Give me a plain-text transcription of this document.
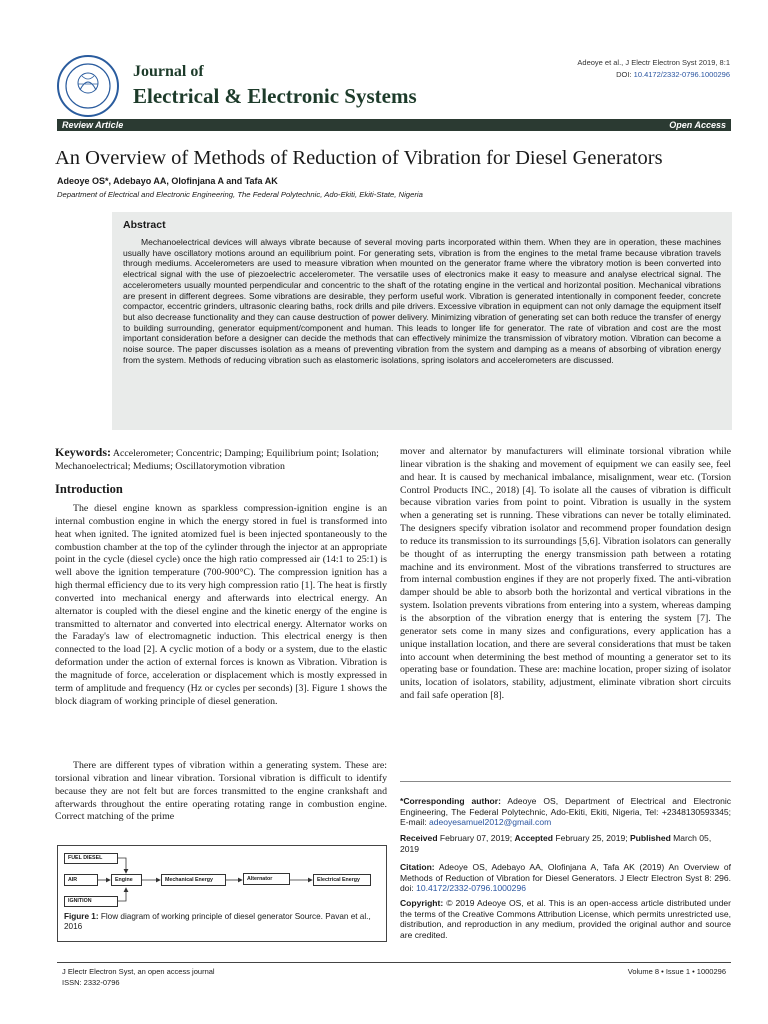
Journal of
Electrical & Electronic Systems
Adeoye et al., J Electr Electron Syst 2019, 8:1
DOI: 10.4172/2332-0796.1000296
Review Article	Open Access
An Overview of Methods of Reduction of Vibration for Diesel Generators
Adeoye OS*, Adebayo AA, Olofinjana A and Tafa AK
Department of Electrical and Electronic Engineering, The Federal Polytechnic, Ado-Ekiti, Ekiti-State, Nigeria
Abstract
Mechanoelectrical devices will always vibrate because of several moving parts incorporated within them. When they are in operation, these machines usually have oscillatory motions around an equilibrium point. For generating sets, vibration is from the engines to the metal frame because vibration travels through mediums. Accelerometers are used to measure vibration when mounted on the generator frame where the vibratory motion is been converted into electrical signal with the use of piezoelectric accelerometer. The versatile uses of electronics make it easy to measure and analyse electrical signal. The accelerometers usually mounted perpendicular and concentric to the shaft of the rotating engine in the vertical and horizontal position. Mechanical vibrations are present in different degrees. Some vibrations are desirable, they perform useful work. Vibration is generated intentionally in component feeder, concrete compactor, eccentric grinders, ultrasonic clearing baths, rock drills and pile drivers. Excessive vibration in equipment can not only damage the equipment itself but also decrease functionality and they can cause destruction of power delivery. Minimizing vibration of generating set can both reduce the transfer of energy to building surrounding, generator equipment/component and human. This leads to longer life for generator. The rate of vibration and cost are the most important consideration before a designer can decide the methods that can effectively minimize the transmission of vibratory motion. Vibration can become a noise source. The paper discusses isolation as a means of preventing vibration from the system and damping as a means of absorbing of vibration energy from the system. Methods of reducing vibration such as elastomeric isolations, spring isolators and accelerometers are discussed.
Keywords: Accelerometer; Concentric; Damping; Equilibrium point; Isolation; Mechanoelectrical; Mediums; Oscillatorymotion vibration
Introduction

The diesel engine known as sparkless compression-ignition engine is an internal combustion engine in which the energy stored in fuel is transformed into heat when ignited. The ignited atomized fuel is been injected spontaneously to the combustion chamber at the top of the cylinder through the injector at an appropriate point in the cycle (diesel cycle) once the high ratio compressed air (14:1 to 25:1) is well above the ignition temperature (700-900°C). The compression ignition has a high thermal efficiency due to its very high compression ratio [1]. The heat is firstly converted into mechanical energy and afterwards into electrical energy. An alternator is coupled with the diesel engine and the kinetic energy of the engine is transmitted to alternator and converted into electrical energy. Alternator works on the Faraday's law of electromagnetic induction. This electrical energy is then connected to the load [2]. A cyclic motion of a body or a system, due to the elastic deformation under the action of external forces is known as Vibration. Vibration is the magnitude of force, acceleration or displacement which is mostly expressed in term of amplitude and frequency (Hz or cycles per seconds) [3]. Figure 1 shows the block diagram of working principle of diesel generation.

There are different types of vibration within a generating system. These are: torsional vibration and linear vibration. Torsional vibration is difficult to identify because they are not felt but are forces transmitted to the engine crankshaft and afterwards throughout the entire operating rotating range in combustion engine. Correct matching of the prime

mover and alternator by manufacturers will eliminate torsional vibration while linear vibration is the shaking and movement of equipment we can easily see, feel and hear. It is caused by mechanical imbalance, misalignment, wear etc. (Torsion Control Products INC., 2018) [4]. To isolate all the causes of vibration is difficult because vibration varies from point to point. Vibration is usually in the system when a generating set is running. These vibrations can never be totally eliminated. The designers specify vibration isolator and recommend proper foundation design to reduce its transmission to its surroundings [5,6]. Vibration isolators can generally be thought of as interrupting the energy transmission path between a rotating machine and its environment. Most of the vibrations transferred to structures are from internal combustion engines if they are not properly fixed. The anti-vibration damper should be able to absorb both the horizontal and vertical vibrations in the system. Isolation prevents vibrations from entering into a system, whereas damping is the absorption of the vibration energy that is entering the system [7]. The generator sets come in many sizes and configurations, every application has a unique installation location, and there are several considerations that must be taken into account when determining the best method of mounting a generator set to its operating base or foundation. These are: machine location, proper sizing of isolator units, location of isolators, stability, adjustment, eliminate vibration short circuits and fail safe operation [8].

FUEL DIESEL
AIR	Engine	Mechanical Energy	Alternator	Electrical Energy
IGNITION
Figure 1: Flow diagram of working principle of diesel generator Source. Pavan et al., 2016
*Corresponding author: Adeoye OS, Department of Electrical and Electronic Engineering, The Federal Polytechnic, Ado-Ekiti, Ekiti, Nigeria, Tel: +2348130593345; E-mail: adeoyesamuel2012@gmail.com
Received February 07, 2019; Accepted February 25, 2019; Published March 05, 2019
Citation: Adeoye OS, Adebayo AA, Olofinjana A, Tafa AK (2019) An Overview of Methods of Reduction of Vibration for Diesel Generators. J Electr Electron Syst 8: 296. doi: 10.4172/2332-0796.1000296
Copyright: © 2019 Adeoye OS, et al. This is an open-access article distributed under the terms of the Creative Commons Attribution License, which permits unrestricted use, distribution, and reproduction in any medium, provided the original author and source are credited.
J Electr Electron Syst, an open access journal
ISSN: 2332-0796
Volume 8 • Issue 1 • 1000296
